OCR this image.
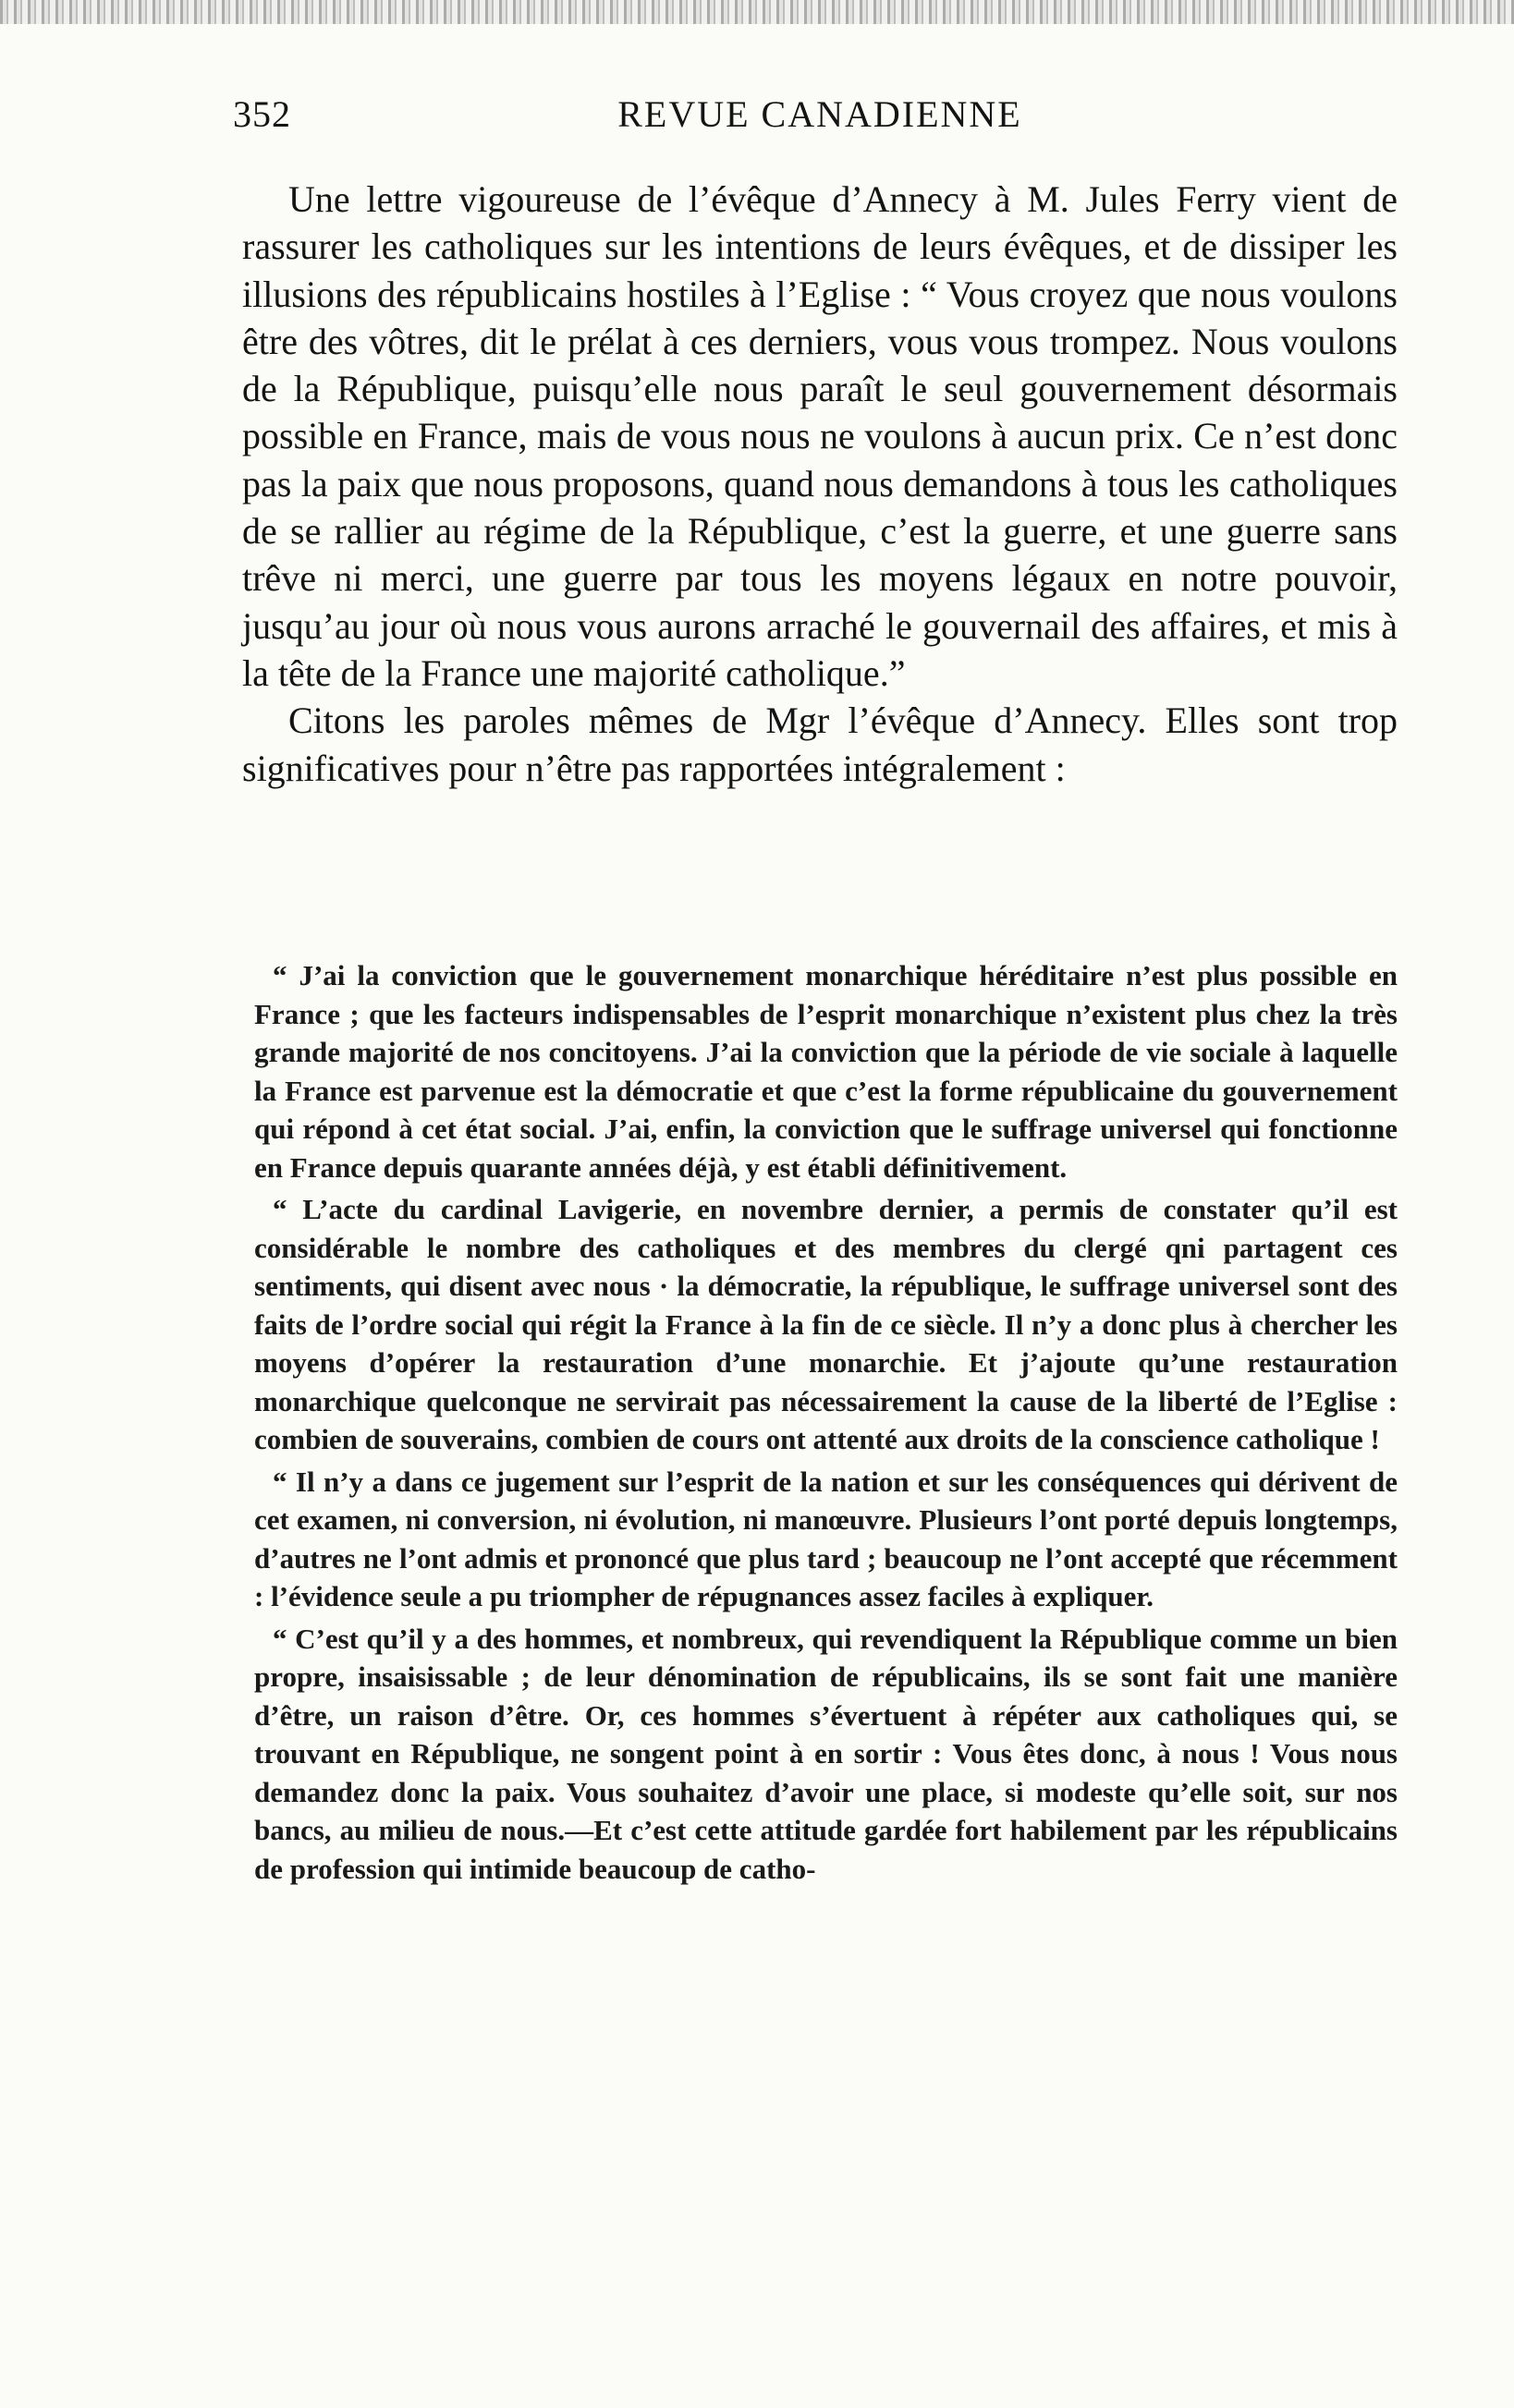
352	REVUE CANADIENNE

Une lettre vigoureuse de l’évêque d’Annecy à M. Jules Ferry vient de rassurer les catholiques sur les intentions de leurs évêques, et de dissiper les illusions des républicains hostiles à l’Eglise : “ Vous croyez que nous voulons être des vôtres, dit le prélat à ces derniers, vous vous trompez. Nous voulons de la République, puisqu’elle nous paraît le seul gouvernement désormais possible en France, mais de vous nous ne voulons à aucun prix. Ce n’est donc pas la paix que nous proposons, quand nous demandons à tous les catholiques de se rallier au régime de la République, c’est la guerre, et une guerre sans trêve ni merci, une guerre par tous les moyens légaux en notre pouvoir, jusqu’au jour où nous vous aurons arraché le gouvernail des affaires, et mis à la tête de la France une majorité catholique.”

Citons les paroles mêmes de Mgr l’évêque d’Annecy. Elles sont trop significatives pour n’être pas rapportées intégralement :

“ J’ai la conviction que le gouvernement monarchique héréditaire n’est plus possible en France ; que les facteurs indispensables de l’esprit monarchique n’existent plus chez la très grande majorité de nos concitoyens. J’ai la conviction que la période de vie sociale à laquelle la France est parvenue est la démocratie et que c’est la forme républicaine du gouvernement qui répond à cet état social. J’ai, enfin, la conviction que le suffrage universel qui fonctionne en France depuis quarante années déjà, y est établi définitivement.

“ L’acte du cardinal Lavigerie, en novembre dernier, a permis de constater qu’il est considérable le nombre des catholiques et des membres du clergé qni partagent ces sentiments, qui disent avec nous · la démocratie, la république, le suffrage universel sont des faits de l’ordre social qui régit la France à la fin de ce siècle. Il n’y a donc plus à chercher les moyens d’opérer la restauration d’une monarchie. Et j’ajoute qu’une restauration monarchique quelconque ne servirait pas nécessairement la cause de la liberté de l’Eglise : combien de souverains, combien de cours ont attenté aux droits de la conscience catholique !

“ Il n’y a dans ce jugement sur l’esprit de la nation et sur les conséquences qui dérivent de cet examen, ni conversion, ni évolution, ni manœuvre. Plusieurs l’ont porté depuis longtemps, d’autres ne l’ont admis et prononcé que plus tard ; beaucoup ne l’ont accepté que récemment : l’évidence seule a pu triompher de répugnances assez faciles à expliquer.

“ C’est qu’il y a des hommes, et nombreux, qui revendiquent la République comme un bien propre, insaisissable ; de leur dénomination de républicains, ils se sont fait une manière d’être, un raison d’être. Or, ces hommes s’évertuent à répéter aux catholiques qui, se trouvant en République, ne songent point à en sortir : Vous êtes donc, à nous ! Vous nous demandez donc la paix. Vous souhaitez d’avoir une place, si modeste qu’elle soit, sur nos bancs, au milieu de nous.—Et c’est cette attitude gardée fort habilement par les républicains de profession qui intimide beaucoup de catho-
